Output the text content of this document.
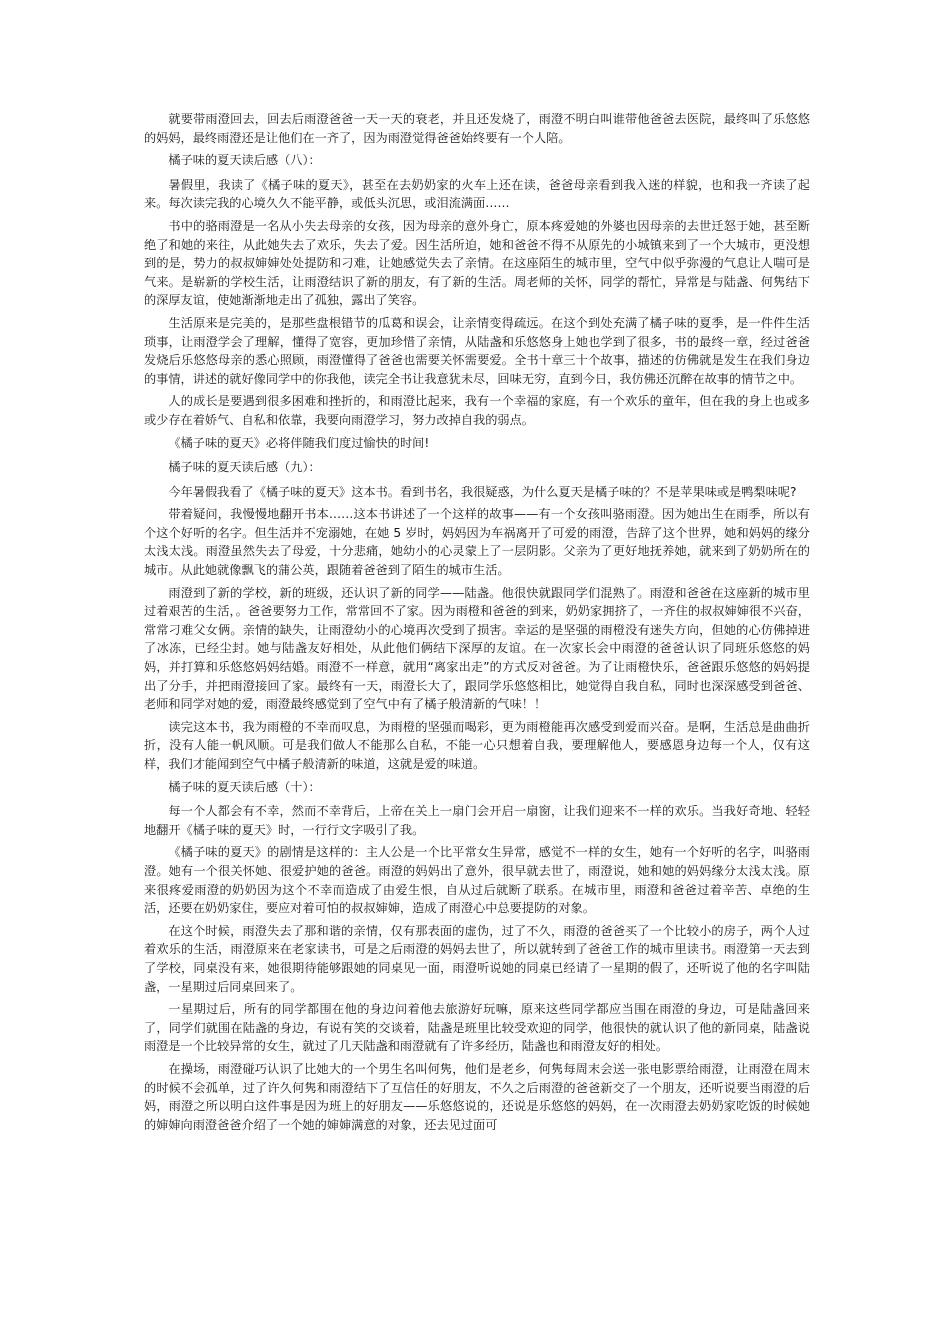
就要带雨澄回去，回去后雨澄爸爸一天一天的衰老，并且还发烧了，雨澄不明白叫谁带他爸爸去医院，最终叫了乐悠悠的妈妈，最终雨澄还是让他们在一齐了，因为雨澄觉得爸爸始终要有一个人陪。

橘子味的夏天读后感（八）：

暑假里，我读了《橘子味的夏天》，甚至在去奶奶家的火车上还在读，爸爸母亲看到我入迷的样貌，也和我一齐读了起来。每次读完我的心境久久不能平静，或低头沉思，或泪流满面……

书中的骆雨澄是一名从小失去母亲的女孩，因为母亲的意外身亡，原本疼爱她的外婆也因母亲的去世迁怒于她，甚至断绝了和她的来往，从此她失去了欢乐，失去了爱。因生活所迫，她和爸爸不得不从原先的小城镇来到了一个大城市，更没想到的是，势力的叔叔婶婶处处提防和刁难，让她感觉失去了亲情。在这座陌生的城市里，空气中似乎弥漫的气息让人喘可是气来。是崭新的学校生活，让雨澄结识了新的朋友，有了新的生活。周老师的关怀，同学的帮忙，异常是与陆盏、何隽结下的深厚友谊，使她渐渐地走出了孤独，露出了笑容。

生活原来是完美的，是那些盘根错节的瓜葛和误会，让亲情变得疏远。在这个到处充满了橘子味的夏季，是一件件生活琐事，让雨澄学会了理解，懂得了宽容，更加珍惜了亲情，从陆盏和乐悠悠身上她也学到了很多，书的最终一章，经过爸爸发烧后乐悠悠母亲的悉心照顾，雨澄懂得了爸爸也需要关怀需要爱。全书十章三十个故事，描述的仿佛就是发生在我们身边的事情，讲述的就好像同学中的你我他，读完全书让我意犹未尽，回味无穷，直到今日，我仿佛还沉醉在故事的情节之中。

人的成长是要遇到很多困难和挫折的，和雨澄比起来，我有一个幸福的家庭，有一个欢乐的童年，但在我的身上也或多或少存在着娇气、自私和依靠，我要向雨澄学习，努力改掉自我的弱点。

《橘子味的夏天》必将伴随我们度过愉快的时间!

橘子味的夏天读后感（九）：

今年暑假我看了《橘子味的夏天》这本书。看到书名，我很疑惑，为什么夏天是橘子味的？不是苹果味或是鸭梨味呢?

带着疑问，我慢慢地翻开书本……这本书讲述了一个这样的故事——有一个女孩叫骆雨澄。因为她出生在雨季，所以有个这个好听的名字。但生活并不宠溺她，在她 5 岁时，妈妈因为车祸离开了可爱的雨澄，告辞了这个世界，她和妈妈的缘分太浅太浅。雨澄虽然失去了母爱，十分悲痛，她幼小的心灵蒙上了一层阴影。父亲为了更好地抚养她，就来到了奶奶所在的城市。从此她就像飘飞的蒲公英，跟随着爸爸到了陌生的城市生活。

雨澄到了新的学校，新的班级，还认识了新的同学——陆盏。他很快就跟同学们混熟了。雨澄和爸爸在这座新的城市里过着艰苦的生活，。爸爸要努力工作，常常回不了家。因为雨橙和爸爸的到来，奶奶家拥挤了，一齐住的叔叔婶婶很不兴奋，常常刁难父女俩。亲情的缺失，让雨澄幼小的心境再次受到了损害。幸运的是坚强的雨橙没有迷失方向，但她的心仿佛掉进了冰冻，已经尘封。她与陆盏友好相处，从此他们俩结下深厚的友谊。在一次家长会中雨澄的爸爸认识了同班乐悠悠的妈妈，并打算和乐悠悠妈妈结婚。雨澄不一样意，就用“离家出走”的方式反对爸爸。为了让雨橙快乐，爸爸跟乐悠悠的妈妈提出了分手，并把雨澄接回了家。最终有一天，雨澄长大了，跟同学乐悠悠相比，她觉得自我自私，同时也深深感受到爸爸、老师和同学对她的爱，雨澄最终感觉到了空气中有了橘子般清新的气味！！

读完这本书，我为雨橙的不幸而叹息，为雨橙的坚强而喝彩，更为雨橙能再次感受到爱而兴奋。是啊，生活总是曲曲折折，没有人能一帆风顺。可是我们做人不能那么自私，不能一心只想着自我，要理解他人，要感恩身边每一个人，仅有这样，我们才能闻到空气中橘子般清新的味道，这就是爱的味道。

橘子味的夏天读后感（十）：

每一个人都会有不幸，然而不幸背后，上帝在关上一扇门会开启一扇窗，让我们迎来不一样的欢乐。当我好奇地、轻轻地翻开《橘子味的夏天》时，一行行文字吸引了我。

《橘子味的夏天》的剧情是这样的：主人公是一个比平常女生异常，感觉不一样的女生，她有一个好听的名字，叫骆雨澄。她有一个很关怀她、很爱护她的爸爸。雨澄的妈妈出了意外，很早就去世了，雨澄说，她和她的妈妈缘分太浅太浅。原来很疼爱雨澄的奶奶因为这个不幸而造成了由爱生恨，自从过后就断了联系。在城市里，雨澄和爸爸过着辛苦、卓绝的生活，还要在奶奶家住，要应对着可怕的叔叔婶婶，造成了雨澄心中总要提防的对象。

在这个时候，雨澄失去了那和谐的亲情，仅有那表面的虚伪，过了不久，雨澄的爸爸买了一个比较小的房子，两个人过着欢乐的生活，雨澄原来在老家读书，可是之后雨澄的妈妈去世了，所以就转到了爸爸工作的城市里读书。雨澄第一天去到了学校，同桌没有来，她很期待能够跟她的同桌见一面，雨澄听说她的同桌已经请了一星期的假了，还听说了他的名字叫陆盏，一星期过后同桌回来了。

一星期过后，所有的同学都围在他的身边问着他去旅游好玩嘛，原来这些同学都应当围在雨澄的身边，可是陆盏回来了，同学们就围在陆盏的身边，有说有笑的交谈着，陆盏是班里比较受欢迎的同学，他很快的就认识了他的新同桌，陆盏说雨澄是一个比较异常的女生，就过了几天陆盏和雨澄就有了许多经历，陆盏也和雨澄友好的相处。

在操场，雨澄碰巧认识了比她大的一个男生名叫何隽，他们是老乡，何隽每周末会送一张电影票给雨澄，让雨澄在周末的时候不会孤单，过了许久何隽和雨澄结下了互信任的好朋友，不久之后雨澄的爸爸新交了一个朋友，还听说要当雨澄的后妈，雨澄之所以明白这件事是因为班上的好朋友——乐悠悠说的，还说是乐悠悠的妈妈，在一次雨澄去奶奶家吃饭的时候她的婶婶向雨澄爸爸介绍了一个她的婶婶满意的对象，还去见过面可
